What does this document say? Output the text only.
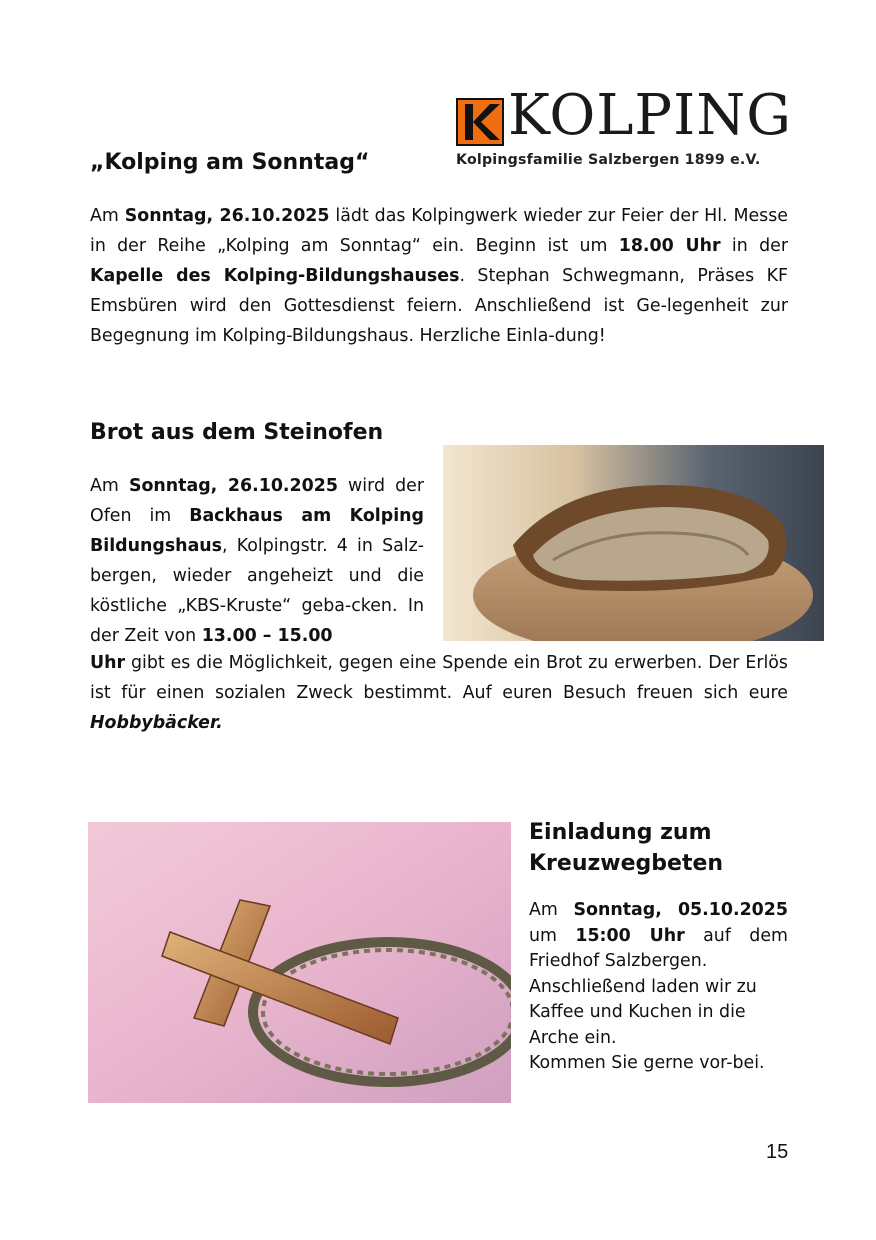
KOLPING
Kolpingsfamilie Salzbergen 1899 e.V.
„Kolping am Sonntag“

Am Sonntag, 26.10.2025 lädt das Kolpingwerk wieder zur Feier der Hl. Messe in der Reihe „Kolping am Sonntag“ ein. Beginn ist um 18.00 Uhr in der Kapelle des Kolping-Bildungshauses. Stephan Schwegmann, Präses KF Emsbüren wird den Gottesdienst feiern. Anschließend ist Ge-legenheit zur Begegnung im Kolping-Bildungshaus. Herzliche Einla-dung!

Brot aus dem Steinofen

Am Sonntag, 26.10.2025 wird der Ofen im Backhaus am Kolping Bildungshaus, Kolpingstr. 4 in Salz-bergen, wieder angeheizt und die köstliche „KBS-Kruste“ geba-cken. In der Zeit von 13.00 – 15.00

Uhr gibt es die Möglichkeit, gegen eine Spende ein Brot zu erwerben. Der Erlös ist für einen sozialen Zweck bestimmt. Auf euren Besuch freuen sich eure Hobbybäcker.

Einladung zum
Kreuzwegbeten

Am Sonntag, 05.10.2025 um 15:00 Uhr auf dem Friedhof Salzbergen.

Anschließend laden wir zu Kaffee und Kuchen in die Arche ein.

Kommen Sie gerne vor-bei.

15
